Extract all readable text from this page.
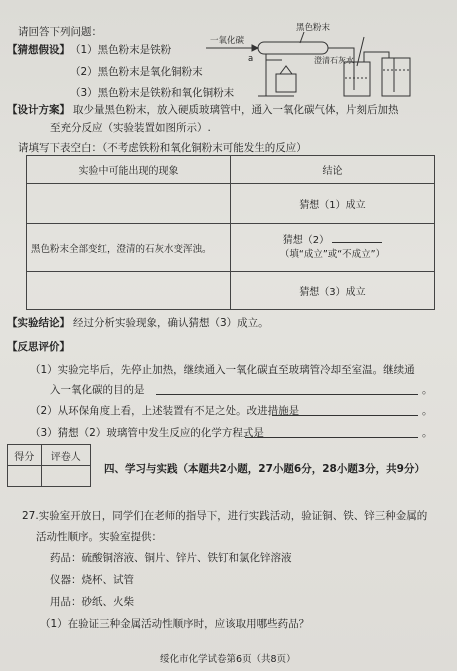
请回答下列问题：
【猜想假设】 （1）黑色粉末是铁粉
（2）黑色粉末是氧化铜粉末
（3）黑色粉末是铁粉和氧化铜粉末
一氧化碳
a
黑色粉末
澄清石灰水
【设计方案】 取少量黑色粉末，放入硬质玻璃管中，通入一氧化碳气体，片刻后加热
至充分反应（实验装置如图所示）.
请填写下表空白：（不考虑铁粉和氧化铜粉末可能发生的反应）
实验中可能出现的现象	结论
	猜想（1）成立
黑色粉末全部变红，澄清的石灰水变浑浊。	猜想（2）
（填“成立”或“不成立”）
	猜想（3）成立
【实验结论】 经过分析实验现象，确认猜想（3）成立。
【反思评价】
（1）实验完毕后，先停止加热，继续通入一氧化碳直至玻璃管冷却至室温。继续通
入一氧化碳的目的是	。
（2）从环保角度上看，上述装置有不足之处。改进措施是	。
（3）猜想（2）玻璃管中发生反应的化学方程式是	。
得分	评卷人

四、学习与实践（本题共2小题，27小题6分，28小题3分，共9分）
27.实验室开放日，同学们在老师的指导下，进行实践活动，验证铜、铁、锌三种金属的
活动性顺序。实验室提供：
药品：硫酸铜溶液、铜片、锌片、铁钉和氯化锌溶液
仪器：烧杯、试管
用品：砂纸、火柴
（1）在验证三种金属活动性顺序时，应该取用哪些药品？
绥化市化学试卷第6页（共8页）
